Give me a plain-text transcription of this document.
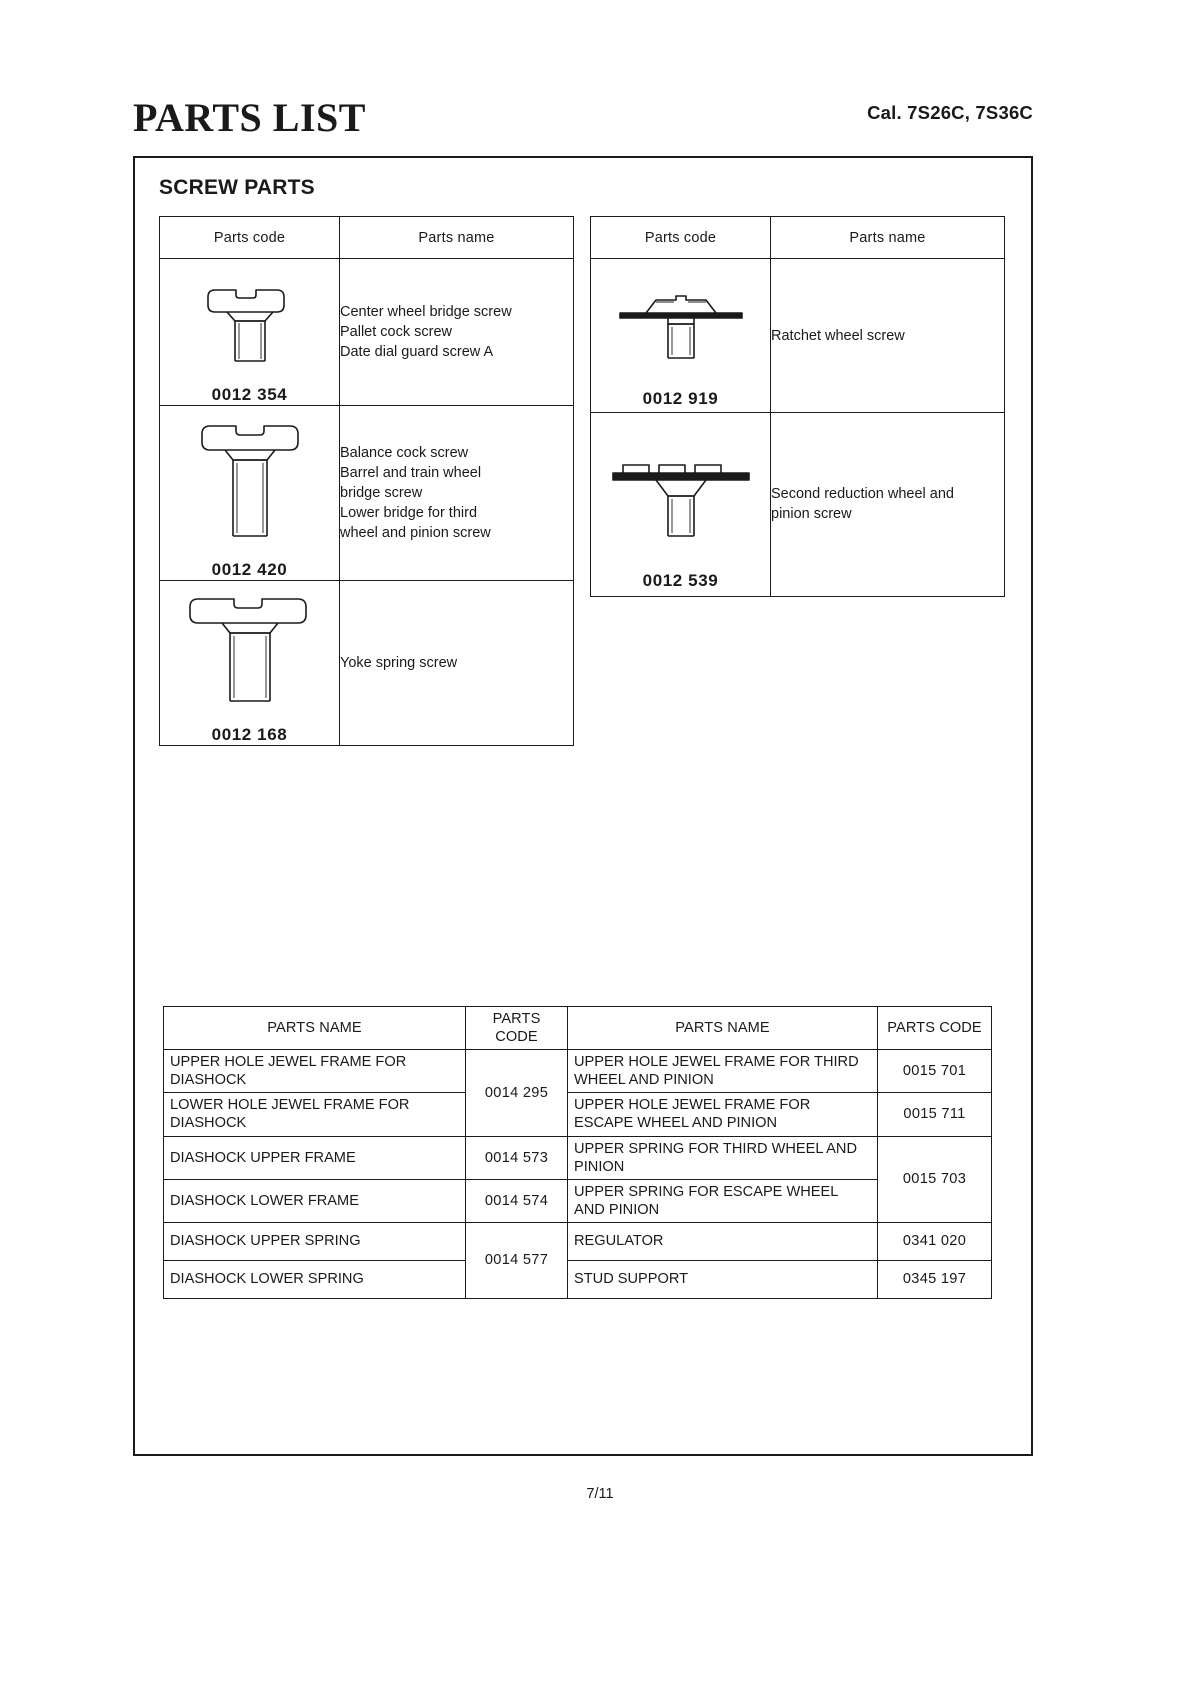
PARTS LIST	Cal. 7S26C, 7S36C
SCREW PARTS
Parts code	Parts name

0012 354	Center wheel bridge screw
Pallet cock screw
Date dial guard screw A

0012 420	Balance cock screw
Barrel and train wheel
bridge screw
Lower bridge for third
wheel and pinion screw

0012 168	Yoke spring screw
Parts code	Parts name

0012 919	Ratchet wheel screw

0012 539	Second reduction wheel and
pinion screw

PARTS NAME	PARTS CODE	PARTS NAME	PARTS CODE
UPPER HOLE JEWEL FRAME FOR DIASHOCK	0014 295	UPPER HOLE JEWEL FRAME FOR THIRD WHEEL AND PINION	0015 701
LOWER HOLE JEWEL FRAME FOR DIASHOCK		UPPER HOLE JEWEL FRAME FOR ESCAPE WHEEL AND PINION	0015 711
DIASHOCK UPPER FRAME	0014 573	UPPER SPRING FOR THIRD WHEEL AND PINION	0015 703
DIASHOCK LOWER FRAME	0014 574	UPPER SPRING FOR ESCAPE WHEEL AND PINION	
DIASHOCK UPPER SPRING	0014 577	REGULATOR	0341 020
DIASHOCK LOWER SPRING		STUD SUPPORT	0345 197
7/11
